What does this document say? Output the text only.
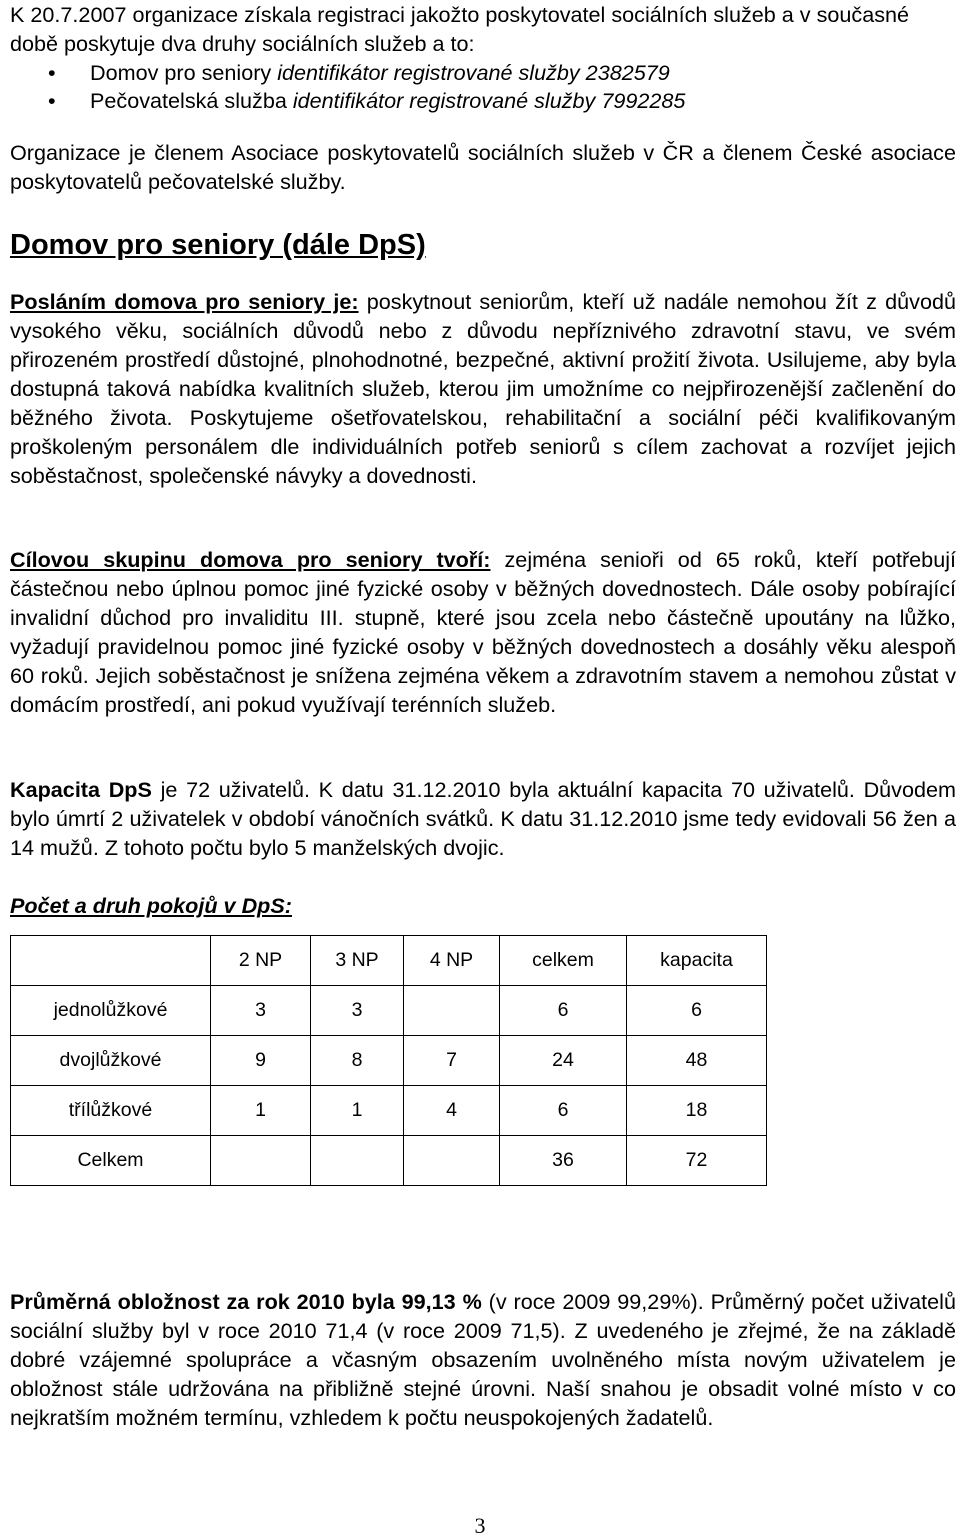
K 20.7.2007 organizace získala registraci jakožto poskytovatel sociálních služeb a v současné době poskytuje dva druhy sociálních služeb a to:

• Domov pro seniory identifikátor registrované služby 2382579
• Pečovatelská služba identifikátor registrované služby 7992285

Organizace je členem Asociace poskytovatelů sociálních služeb v ČR a členem České asociace poskytovatelů pečovatelské služby.

Domov pro seniory (dále DpS)

Posláním domova pro seniory je: poskytnout seniorům, kteří už nadále nemohou žít z důvodů vysokého věku, sociálních důvodů nebo z důvodu nepříznivého zdravotní stavu, ve svém přirozeném prostředí důstojné, plnohodnotné, bezpečné, aktivní prožití života. Usilujeme, aby byla dostupná taková nabídka kvalitních služeb, kterou jim umožníme co nejpřirozenější začlenění do běžného života. Poskytujeme ošetřovatelskou, rehabilitační a sociální péči kvalifikovaným proškoleným personálem dle individuálních potřeb seniorů s cílem zachovat a rozvíjet jejich soběstačnost, společenské návyky a dovednosti.

Cílovou skupinu domova pro seniory tvoří: zejména senioři od 65 roků, kteří potřebují částečnou nebo úplnou pomoc jiné fyzické osoby v běžných dovednostech. Dále osoby pobírající invalidní důchod pro invaliditu III. stupně, které jsou zcela nebo částečně upoutány na lůžko, vyžadují pravidelnou pomoc jiné fyzické osoby v běžných dovednostech a dosáhly věku alespoň 60 roků. Jejich soběstačnost je snížena zejména věkem a zdravotním stavem a nemohou zůstat v domácím prostředí, ani pokud využívají terénních služeb.

Kapacita DpS je 72 uživatelů. K datu 31.12.2010 byla aktuální kapacita 70 uživatelů. Důvodem bylo úmrtí 2 uživatelek v období vánočních svátků. K datu 31.12.2010 jsme tedy evidovali 56 žen a 14 mužů. Z tohoto počtu bylo 5 manželských dvojic.

Počet a druh pokojů v DpS:

	2 NP	3 NP	4 NP	celkem	kapacita
jednolůžkové	3	3		6	6
dvojlůžkové	9	8	7	24	48
třílůžkové	1	1	4	6	18
Celkem				36	72

Průměrná obložnost za rok 2010 byla 99,13 % (v roce 2009 99,29%). Průměrný počet uživatelů sociální služby byl v roce 2010 71,4 (v roce 2009 71,5). Z uvedeného je zřejmé, že na základě dobré vzájemné spolupráce a včasným obsazením uvolněného místa novým uživatelem je obložnost stále udržována na přibližně stejné úrovni. Naší snahou je obsadit volné místo v co nejkratším možném termínu, vzhledem k počtu neuspokojených žadatelů.

3
